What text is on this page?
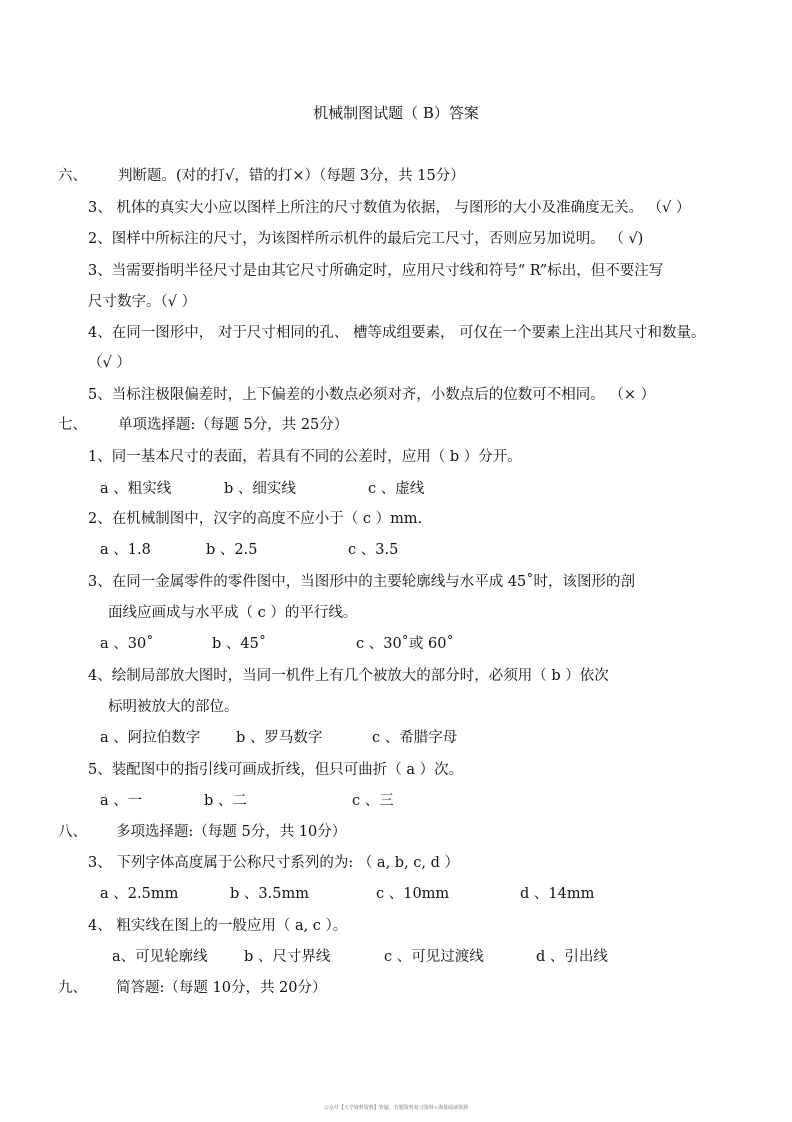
机械制图试题（ B）答案
六、 判断题。(对的打√，错的打×）（每题 3分，共 15分）
3、 机体的真实大小应以图样上所注的尺寸数值为依据， 与图形的大小及准确度无关。 （√ ）
2、图样中所标注的尺寸，为该图样所示机件的最后完工尺寸，否则应另加说明。 （ √)
3、当需要指明半径尺寸是由其它尺寸所确定时，应用尺寸线和符号“ R”标出，但不要注写
尺寸数字。（√ ）
4、在同一图形中， 对于尺寸相同的孔、 槽等成组要素， 可仅在一个要素上注出其尺寸和数量。
（√ ）
5、当标注极限偏差时，上下偏差的小数点必须对齐，小数点后的位数可不相同。 （× ）
七、 单项选择题:（每题 5分，共 25分）
1、同一基本尺寸的表面，若具有不同的公差时，应用（ b ）分开。
a 、粗实线	b 、细实线	c 、虚线
2、在机械制图中，汉字的高度不应小于（ c ）mm.
a 、1.8	b 、2.5	c 、3.5
3、在同一金属零件的零件图中，当图形中的主要轮廓线与水平成 45˚时，该图形的剖
面线应画成与水平成（ c ）的平行线。
a 、30˚	b 、45˚	c 、30˚或 60˚
4、绘制局部放大图时，当同一机件上有几个被放大的部分时，必须用（ b ）依次
标明被放大的部位。
a 、阿拉伯数字 b 、罗马数字	c 、希腊字母
5、装配图中的指引线可画成折线，但只可曲折（ a ）次。
a 、一	b 、二	c 、三
八、 多项选择题:（每题 5分，共 10分）
3、 下列字体高度属于公称尺寸系列的为: （ a, b, c, d ）
a 、2.5mm	b 、3.5mm	c 、10mm	d 、14mm
4、 粗实线在图上的一般应用（ a, c ）。
a、可见轮廓线	b 、尺寸界线	c 、可见过渡线	d 、引出线
九、 简答题:（每题 10分，共 20分）
公众号【大学资料资料】答疑、有题资料复习资料+海量阅读资源
